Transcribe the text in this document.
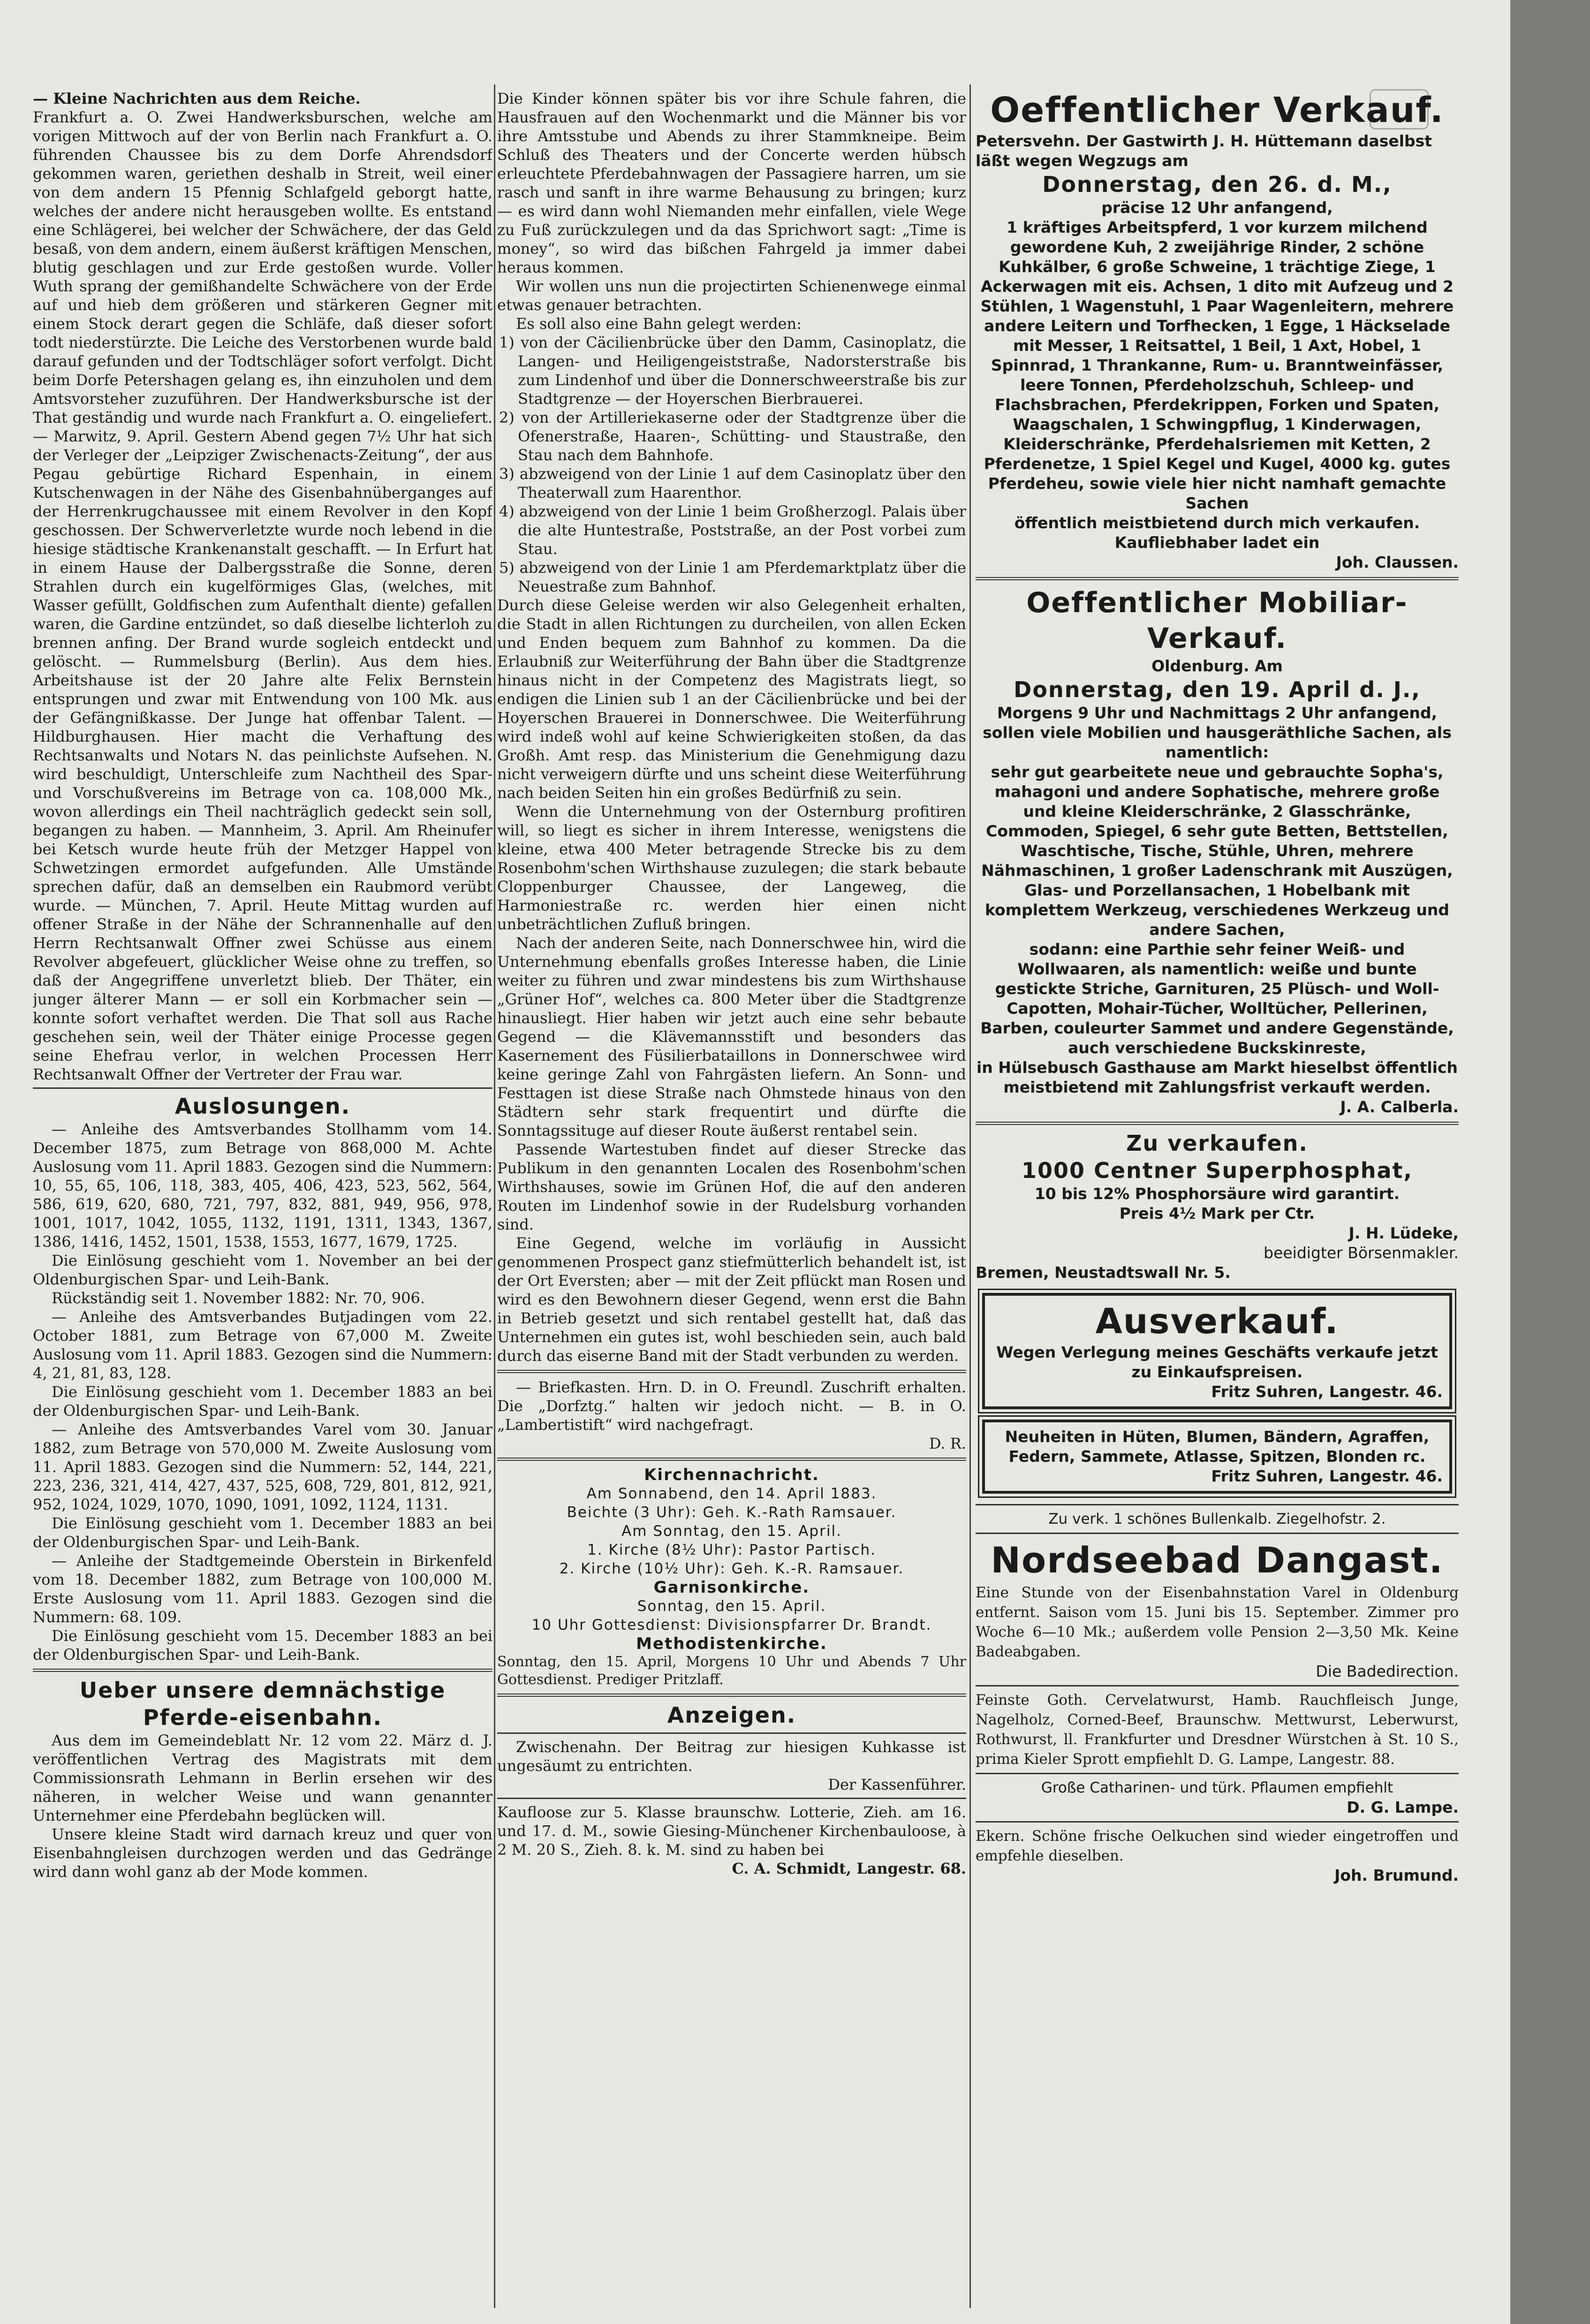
— Kleine Nachrichten aus dem Reiche.

Frankfurt a. O. Zwei Handwerksburschen, welche am vorigen Mittwoch auf der von Berlin nach Frankfurt a. O. führenden Chaussee bis zu dem Dorfe Ahrendsdorf gekommen waren, geriethen deshalb in Streit, weil einer von dem andern 15 Pfennig Schlafgeld geborgt hatte, welches der andere nicht herausgeben wollte. Es entstand eine Schlägerei, bei welcher der Schwächere, der das Geld besaß, von dem andern, einem äußerst kräftigen Menschen, blutig geschlagen und zur Erde gestoßen wurde. Voller Wuth sprang der gemißhandelte Schwächere von der Erde auf und hieb dem größeren und stärkeren Gegner mit einem Stock derart gegen die Schläfe, daß dieser sofort todt niederstürzte. Die Leiche des Verstorbenen wurde bald darauf gefunden und der Todtschläger sofort verfolgt. Dicht beim Dorfe Petershagen gelang es, ihn einzuholen und dem Amtsvorsteher zuzuführen. Der Handwerksbursche ist der That geständig und wurde nach Frankfurt a. O. eingeliefert. — Marwitz, 9. April. Gestern Abend gegen 7½ Uhr hat sich der Verleger der „Leipziger Zwischenacts-Zeitung“, der aus Pegau gebürtige Richard Espenhain, in einem Kutschenwagen in der Nähe des Gisenbahnüberganges auf der Herrenkrugchaussee mit einem Revolver in den Kopf geschossen. Der Schwerverletzte wurde noch lebend in die hiesige städtische Krankenanstalt geschafft. — In Erfurt hat in einem Hause der Dalbergsstraße die Sonne, deren Strahlen durch ein kugelförmiges Glas, (welches, mit Wasser gefüllt, Goldfischen zum Aufenthalt diente) gefallen waren, die Gardine entzündet, so daß dieselbe lichterloh zu brennen anfing. Der Brand wurde sogleich entdeckt und gelöscht. — Rummelsburg (Berlin). Aus dem hies. Arbeitshause ist der 20 Jahre alte Felix Bernstein entsprungen und zwar mit Entwendung von 100 Mk. aus der Gefängnißkasse. Der Junge hat offenbar Talent. — Hildburghausen. Hier macht die Verhaftung des Rechtsanwalts und Notars N. das peinlichste Aufsehen. N. wird beschuldigt, Unterschleife zum Nachtheil des Spar- und Vorschußvereins im Betrage von ca. 108,000 Mk., wovon allerdings ein Theil nachträglich gedeckt sein soll, begangen zu haben. — Mannheim, 3. April. Am Rheinufer bei Ketsch wurde heute früh der Metzger Happel von Schwetzingen ermordet aufgefunden. Alle Umstände sprechen dafür, daß an demselben ein Raubmord verübt wurde. — München, 7. April. Heute Mittag wurden auf offener Straße in der Nähe der Schrannenhalle auf den Herrn Rechtsanwalt Offner zwei Schüsse aus einem Revolver abgefeuert, glücklicher Weise ohne zu treffen, so daß der Angegriffene unverletzt blieb. Der Thäter, ein junger älterer Mann — er soll ein Korbmacher sein — konnte sofort verhaftet werden. Die That soll aus Rache geschehen sein, weil der Thäter einige Processe gegen seine Ehefrau verlor, in welchen Processen Herr Rechtsanwalt Offner der Vertreter der Frau war.

Auslosungen.

— Anleihe des Amtsverbandes Stollhamm vom 14. December 1875, zum Betrage von 868,000 M. Achte Auslosung vom 11. April 1883. Gezogen sind die Nummern: 10, 55, 65, 106, 118, 383, 405, 406, 423, 523, 562, 564, 586, 619, 620, 680, 721, 797, 832, 881, 949, 956, 978, 1001, 1017, 1042, 1055, 1132, 1191, 1311, 1343, 1367, 1386, 1416, 1452, 1501, 1538, 1553, 1677, 1679, 1725.

Die Einlösung geschieht vom 1. November an bei der Oldenburgischen Spar- und Leih-Bank.

Rückständig seit 1. November 1882: Nr. 70, 906.

— Anleihe des Amtsverbandes Butjadingen vom 22. October 1881, zum Betrage von 67,000 M. Zweite Auslosung vom 11. April 1883. Gezogen sind die Nummern: 4, 21, 81, 83, 128.

Die Einlösung geschieht vom 1. December 1883 an bei der Oldenburgischen Spar- und Leih-Bank.

— Anleihe des Amtsverbandes Varel vom 30. Januar 1882, zum Betrage von 570,000 M. Zweite Auslosung vom 11. April 1883. Gezogen sind die Nummern: 52, 144, 221, 223, 236, 321, 414, 427, 437, 525, 608, 729, 801, 812, 921, 952, 1024, 1029, 1070, 1090, 1091, 1092, 1124, 1131.

Die Einlösung geschieht vom 1. December 1883 an bei der Oldenburgischen Spar- und Leih-Bank.

— Anleihe der Stadtgemeinde Oberstein in Birkenfeld vom 18. December 1882, zum Betrage von 100,000 M. Erste Auslosung vom 11. April 1883. Gezogen sind die Nummern: 68. 109.

Die Einlösung geschieht vom 15. December 1883 an bei der Oldenburgischen Spar- und Leih-Bank.

Ueber unsere demnächstige Pferde-eisenbahn.

Aus dem im Gemeindeblatt Nr. 12 vom 22. März d. J. veröffentlichen Vertrag des Magistrats mit dem Commissionsrath Lehmann in Berlin ersehen wir des näheren, in welcher Weise und wann genannter Unternehmer eine Pferdebahn beglücken will.

Unsere kleine Stadt wird darnach kreuz und quer von Eisenbahngleisen durchzogen werden und das Gedränge wird dann wohl ganz ab der Mode kommen.

Die Kinder können später bis vor ihre Schule fahren, die Hausfrauen auf den Wochenmarkt und die Männer bis vor ihre Amtsstube und Abends zu ihrer Stammkneipe. Beim Schluß des Theaters und der Concerte werden hübsch erleuchtete Pferdebahnwagen der Passagiere harren, um sie rasch und sanft in ihre warme Behausung zu bringen; kurz — es wird dann wohl Niemanden mehr einfallen, viele Wege zu Fuß zurückzulegen und da das Sprichwort sagt: „Time is money“, so wird das bißchen Fahrgeld ja immer dabei heraus kommen.

Wir wollen uns nun die projectirten Schienenwege einmal etwas genauer betrachten.

Es soll also eine Bahn gelegt werden:

1) von der Cäcilienbrücke über den Damm, Casinoplatz, die Langen- und Heiligengeiststraße, Nadorsterstraße bis zum Lindenhof und über die Donnerschweerstraße bis zur Stadtgrenze — der Hoyerschen Bierbrauerei.

2) von der Artilleriekaserne oder der Stadtgrenze über die Ofenerstraße, Haaren-, Schütting- und Staustraße, den Stau nach dem Bahnhofe.

3) abzweigend von der Linie 1 auf dem Casinoplatz über den Theaterwall zum Haarenthor.

4) abzweigend von der Linie 1 beim Großherzogl. Palais über die alte Huntestraße, Poststraße, an der Post vorbei zum Stau.

5) abzweigend von der Linie 1 am Pferdemarktplatz über die Neuestraße zum Bahnhof.

Durch diese Geleise werden wir also Gelegenheit erhalten, die Stadt in allen Richtungen zu durcheilen, von allen Ecken und Enden bequem zum Bahnhof zu kommen. Da die Erlaubniß zur Weiterführung der Bahn über die Stadtgrenze hinaus nicht in der Competenz des Magistrats liegt, so endigen die Linien sub 1 an der Cäcilienbrücke und bei der Hoyerschen Brauerei in Donnerschwee. Die Weiterführung wird indeß wohl auf keine Schwierigkeiten stoßen, da das Großh. Amt resp. das Ministerium die Genehmigung dazu nicht verweigern dürfte und uns scheint diese Weiterführung nach beiden Seiten hin ein großes Bedürfniß zu sein.

Wenn die Unternehmung von der Osternburg profitiren will, so liegt es sicher in ihrem Interesse, wenigstens die kleine, etwa 400 Meter betragende Strecke bis zu dem Rosenbohm'schen Wirthshause zuzulegen; die stark bebaute Cloppenburger Chaussee, der Langeweg, die Harmoniestraße rc. werden hier einen nicht unbeträchtlichen Zufluß bringen.

Nach der anderen Seite, nach Donnerschwee hin, wird die Unternehmung ebenfalls großes Interesse haben, die Linie weiter zu führen und zwar mindestens bis zum Wirthshause „Grüner Hof“, welches ca. 800 Meter über die Stadtgrenze hinausliegt. Hier haben wir jetzt auch eine sehr bebaute Gegend — die Klävemannsstift und besonders das Kasernement des Füsilierbataillons in Donnerschwee wird keine geringe Zahl von Fahrgästen liefern. An Sonn- und Festtagen ist diese Straße nach Ohmstede hinaus von den Städtern sehr stark frequentirt und dürfte die Sonntagssituge auf dieser Route äußerst rentabel sein.

Passende Wartestuben findet auf dieser Strecke das Publikum in den genannten Localen des Rosenbohm'schen Wirthshauses, sowie im Grünen Hof, die auf den anderen Routen im Lindenhof sowie in der Rudelsburg vorhanden sind.

Eine Gegend, welche im vorläufig in Aussicht genommenen Prospect ganz stiefmütterlich behandelt ist, ist der Ort Eversten; aber — mit der Zeit pflückt man Rosen und wird es den Bewohnern dieser Gegend, wenn erst die Bahn in Betrieb gesetzt und sich rentabel gestellt hat, daß das Unternehmen ein gutes ist, wohl beschieden sein, auch bald durch das eiserne Band mit der Stadt verbunden zu werden.

— Briefkasten. Hrn. D. in O. Freundl. Zuschrift erhalten. Die „Dorfztg.“ halten wir jedoch nicht. — B. in O. „Lambertistift“ wird nachgefragt.

D. R.

Kirchennachricht.

Am Sonnabend, den 14. April 1883.

Beichte (3 Uhr): Geh. K.-Rath Ramsauer.

Am Sonntag, den 15. April.

1. Kirche (8½ Uhr): Pastor Partisch.

2. Kirche (10½ Uhr): Geh. K.-R. Ramsauer.

Garnisonkirche.

Sonntag, den 15. April.

10 Uhr Gottesdienst: Divisionspfarrer Dr. Brandt.

Methodistenkirche.

Sonntag, den 15. April, Morgens 10 Uhr und Abends 7 Uhr Gottesdienst. Prediger Pritzlaff.

Anzeigen.

Zwischenahn. Der Beitrag zur hiesigen Kuhkasse ist ungesäumt zu entrichten.

Der Kassenführer.

Kaufloose zur 5. Klasse braunschw. Lotterie, Zieh. am 16. und 17. d. M., sowie Giesing-Münchener Kirchenbauloose, à 2 M. 20 S., Zieh. 8. k. M. sind zu haben bei

C. A. Schmidt, Langestr. 68.

Oeffentlicher Verkauf.

Petersvehn. Der Gastwirth J. H. Hüttemann daselbst läßt wegen Wegzugs am

Donnerstag, den 26. d. M.,

präcise 12 Uhr anfangend,

1 kräftiges Arbeitspferd, 1 vor kurzem milchend gewordene Kuh, 2 zweijährige Rinder, 2 schöne Kuhkälber, 6 große Schweine, 1 trächtige Ziege, 1 Ackerwagen mit eis. Achsen, 1 dito mit Aufzeug und 2 Stühlen, 1 Wagenstuhl, 1 Paar Wagenleitern, mehrere andere Leitern und Torfhecken, 1 Egge, 1 Häckselade mit Messer, 1 Reitsattel, 1 Beil, 1 Axt, Hobel, 1 Spinnrad, 1 Thrankanne, Rum- u. Branntweinfässer, leere Tonnen, Pferdeholzschuh, Schleep- und Flachsbrachen, Pferdekrippen, Forken und Spaten, Waagschalen, 1 Schwingpflug, 1 Kinderwagen, Kleiderschränke, Pferdehalsriemen mit Ketten, 2 Pferdenetze, 1 Spiel Kegel und Kugel, 4000 kg. gutes Pferdeheu, sowie viele hier nicht namhaft gemachte Sachen

öffentlich meistbietend durch mich verkaufen.

Kaufliebhaber ladet ein

Joh. Claussen.

Oeffentlicher Mobiliar-Verkauf.

Oldenburg. Am

Donnerstag, den 19. April d. J.,

Morgens 9 Uhr und Nachmittags 2 Uhr anfangend,

sollen viele Mobilien und hausgeräthliche Sachen, als namentlich:

sehr gut gearbeitete neue und gebrauchte Sopha's, mahagoni und andere Sophatische, mehrere große und kleine Kleiderschränke, 2 Glasschränke, Commoden, Spiegel, 6 sehr gute Betten, Bettstellen, Waschtische, Tische, Stühle, Uhren, mehrere Nähmaschinen, 1 großer Ladenschrank mit Auszügen, Glas- und Porzellansachen, 1 Hobelbank mit komplettem Werkzeug, verschiedenes Werkzeug und andere Sachen,

sodann: eine Parthie sehr feiner Weiß- und Wollwaaren, als namentlich: weiße und bunte gestickte Striche, Garnituren, 25 Plüsch- und Woll-Capotten, Mohair-Tücher, Wolltücher, Pellerinen, Barben, couleurter Sammet und andere Gegenstände, auch verschiedene Buckskinreste,

in Hülsebusch Gasthause am Markt hieselbst öffentlich meistbietend mit Zahlungsfrist verkauft werden.

J. A. Calberla.

Zu verkaufen.
1000 Centner Superphosphat,

10 bis 12% Phosphorsäure wird garantirt.

Preis 4½ Mark per Ctr.

J. H. Lüdeke,

beeidigter Börsenmakler.

Bremen, Neustadtswall Nr. 5.

Ausverkauf.

Wegen Verlegung meines Geschäfts verkaufe jetzt zu Einkaufspreisen.

Fritz Suhren, Langestr. 46.

Neuheiten in Hüten, Blumen, Bändern, Agraffen, Federn, Sammete, Atlasse, Spitzen, Blonden rc.

Fritz Suhren, Langestr. 46.

Zu verk. 1 schönes Bullenkalb. Ziegelhofstr. 2.

Nordseebad Dangast.

Eine Stunde von der Eisenbahnstation Varel in Oldenburg entfernt. Saison vom 15. Juni bis 15. September. Zimmer pro Woche 6—10 Mk.; außerdem volle Pension 2—3,50 Mk. Keine Badeabgaben.

Die Badedirection.

Feinste Goth. Cervelatwurst, Hamb. Rauchfleisch Junge, Nagelholz, Corned-Beef, Braunschw. Mettwurst, Leberwurst, Rothwurst, ll. Frankfurter und Dresdner Würstchen à St. 10 S., prima Kieler Sprott empfiehlt D. G. Lampe, Langestr. 88.

Große Catharinen- und türk. Pflaumen empfiehlt

D. G. Lampe.

Ekern. Schöne frische Oelkuchen sind wieder eingetroffen und empfehle dieselben.

Joh. Brumund.
